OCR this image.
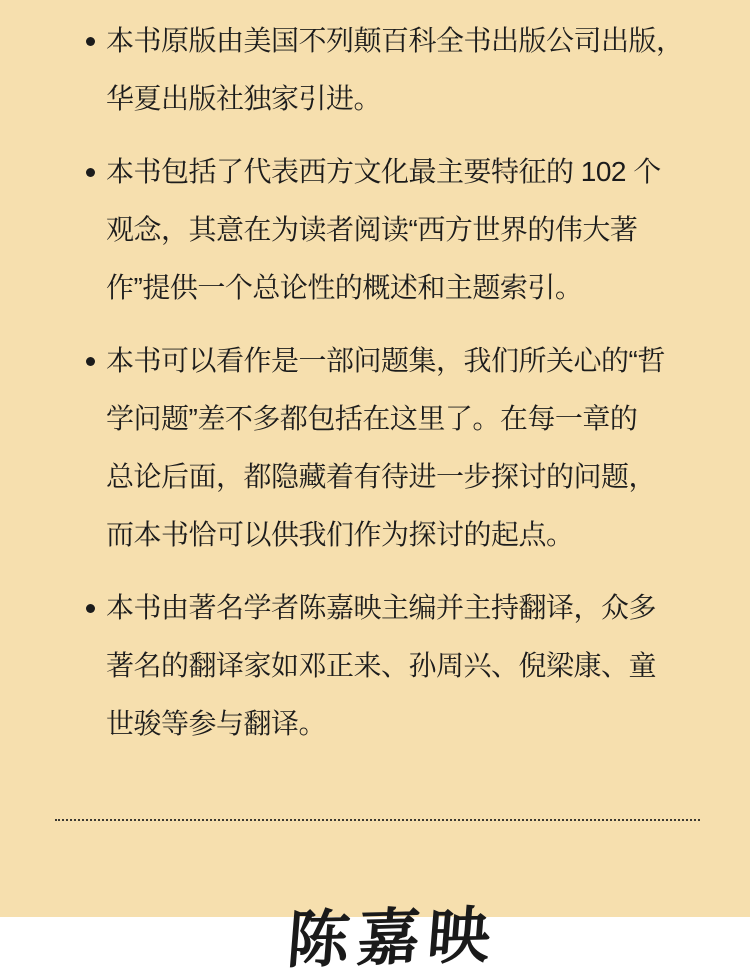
本书原版由美国不列颠百科全书出版公司出版，
华夏出版社独家引进。
本书包括了代表西方文化最主要特征的 102 个
观念，其意在为读者阅读“西方世界的伟大著
作”提供一个总论性的概述和主题索引。
本书可以看作是一部问题集，我们所关心的“哲
学问题”差不多都包括在这里了。在每一章的
总论后面，都隐藏着有待进一步探讨的问题，
而本书恰可以供我们作为探讨的起点。
本书由著名学者陈嘉映主编并主持翻译，众多
著名的翻译家如邓正来、孙周兴、倪梁康、童
世骏等参与翻译。
陈嘉映
